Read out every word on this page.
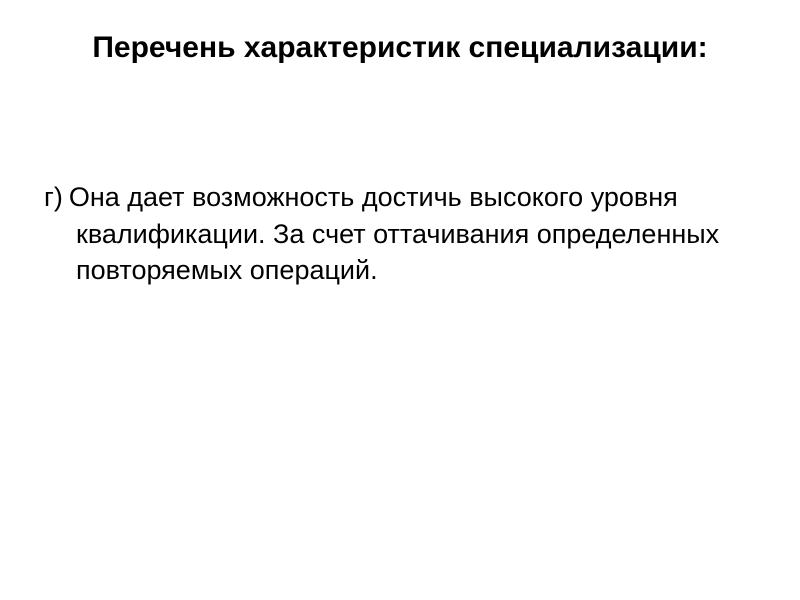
Перечень характеристик специализации:

г) Она дает возможность достичь высокого уровня квалификации. За счет оттачивания определенных повторяемых операций.
